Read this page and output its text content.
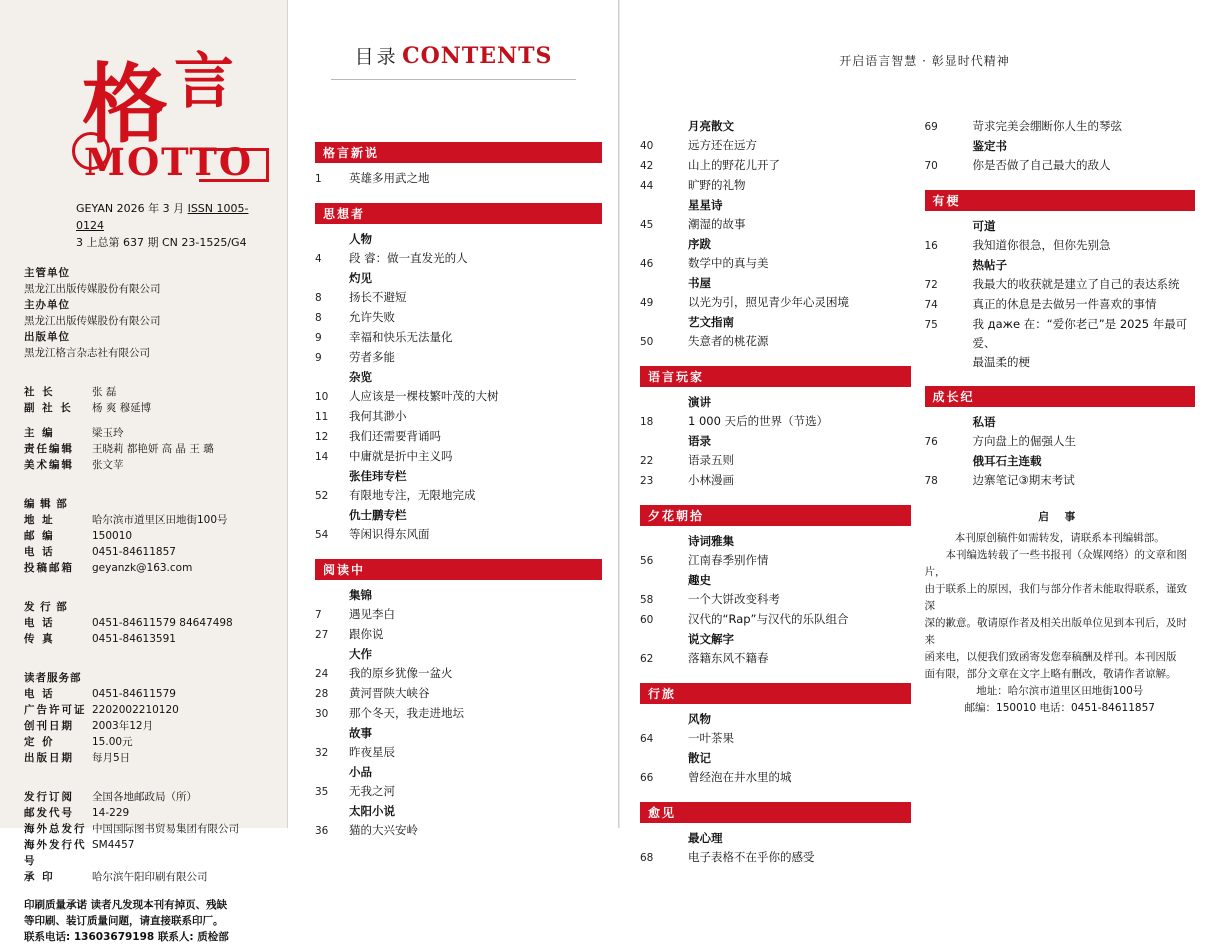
格 言
MOTTO
GEYAN 2026 年 3 月 ISSN 1005-0124
3 上总第 637 期 CN 23-1525/G4
主管单位
黑龙江出版传媒股份有限公司
主办单位
黑龙江出版传媒股份有限公司
出版单位
黑龙江格言杂志社有限公司
社 长	张 磊
副 社 长	杨 爽 穆延博
主 编	梁玉玲
责任编辑	王晓莉 都艳妍 高 晶 王 璐
美术编辑	张文苹
编 辑 部
地 址	哈尔滨市道里区田地街100号
邮 编	150010
电 话	0451-84611857
投稿邮箱	geyanzk@163.com
发 行 部
电 话	0451-84611579 84647498
传 真	0451-84613591
读者服务部
电 话	0451-84611579
广告许可证 2202002210120
创刊日期	2003年12月
定 价	15.00元
出版日期	每月5日
发行订阅	全国各地邮政局（所）
邮发代号	14-229
海外总发行 中国国际图书贸易集团有限公司
海外发行代号
SM4457
承 印	哈尔滨午阳印刷有限公司
印刷质量承诺 读者凡发现本刊有掉页、残缺
等印刷、装订质量问题，请直接联系印厂。
联系电话: 13603679198 联系人: 质检部
目录 CONTENTS
格言新说
1	英雄多用武之地
思想者
人物
4	段 睿：做一直发光的人
灼见
8	扬长不避短
8	允许失败
9	幸福和快乐无法量化
9	劳者多能
杂览
10	人应该是一棵枝繁叶茂的大树
11	我何其渺小
12	我们还需要背诵吗
14	中庸就是折中主义吗
张佳玮专栏
52	有限地专注，无限地完成
仇士鹏专栏
54	等闲识得东风面
阅读中
集锦
7	遇见李白
27	跟你说
大作
24	我的原乡犹像一盆火
28	黄河晋陕大峡谷
30	那个冬天，我走进地坛
故事
32	昨夜星辰
小品
35	无我之河
太阳小说
36	猫的大兴安岭
开启语言智慧 · 彰显时代精神
月亮散文
40	远方还在远方
42	山上的野花儿开了
44	旷野的礼物
星星诗
45	潮湿的故事
序跋
46	数学中的真与美
书屋
49	以光为引，照见青少年心灵困境
艺文指南
50	失意者的桃花源
语言玩家
演讲
18	1 000 天后的世界（节选）
语录
22	语录五则
23	小林漫画
夕花朝拾
诗词雅集
56	江南春季别作情
趣史
58	一个大饼改变科考
60	汉代的“Rap”与汉代的乐队组合
说文解字
62	落籍东风不籍春
行旅
风物
64	一叶茶果
散记
66	曾经泡在井水里的城
愈见
最心理
68	电子表格不在乎你的感受
69	苛求完美会绷断你人生的琴弦
鉴定书
70	你是否做了自己最大的敌人
有梗
可道
16	我知道你很急，但你先别急
热帖子
72	我最大的收获就是建立了自己的表达系统
74	真正的休息是去做另一件喜欢的事情
75	我 даже 在：“爱你老己”是 2025 年最可爱、
最温柔的梗
成长纪
私语
76	方向盘上的倔强人生
俄耳石主连载
78	边寨笔记③期末考试
启 事

本刊原创稿件如需转发，请联系本刊编辑部。

本刊编选转载了一些书报刊（众媒网络）的文章和图片，

由于联系上的原因，我们与部分作者未能取得联系，谨致深

深的歉意。敬请原作者及相关出版单位见到本刊后，及时来

函来电，以便我们致函寄发您奉稿酬及样刊。本刊因版

面有限，部分文章在文字上略有删改，敬请作者谅解。

地址：哈尔滨市道里区田地街100号

邮编：150010 电话：0451-84611857
